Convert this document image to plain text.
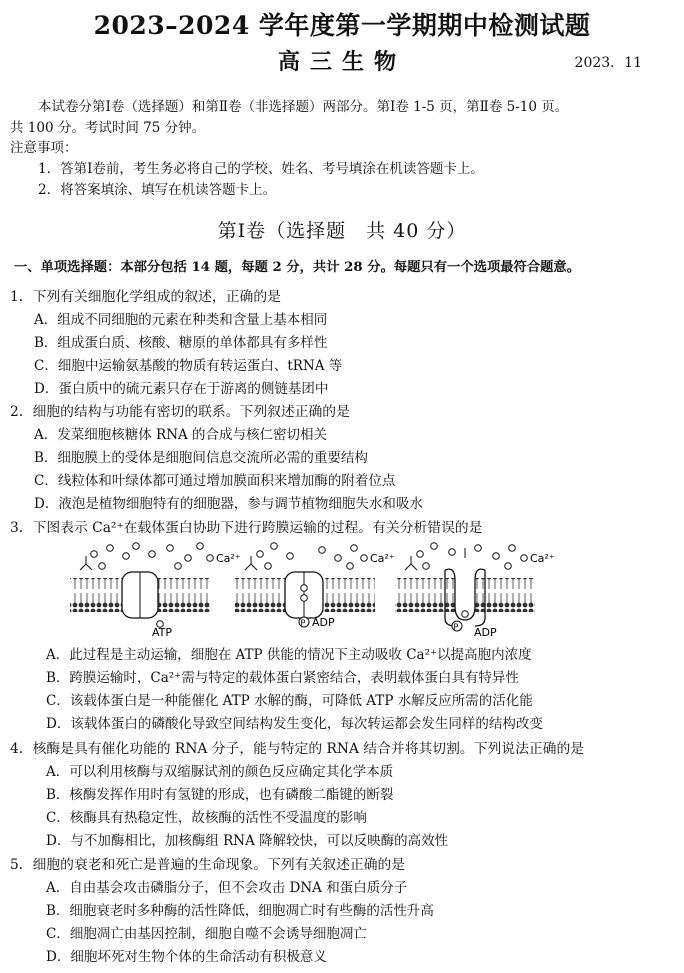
2023–2024 学年度第一学期期中检测试题
高三生物	2023．11
本试卷分第Ⅰ卷（选择题）和第Ⅱ卷（非选择题）两部分。第Ⅰ卷 1-5 页，第Ⅱ卷 5-10 页。
共 100 分。考试时间 75 分钟。
注意事项：
1．答第Ⅰ卷前，考生务必将自己的学校、姓名、考号填涂在机读答题卡上。
2．将答案填涂、填写在机读答题卡上。
第Ⅰ卷（选择题　共 40 分）
一、单项选择题：本部分包括 14 题，每题 2 分，共计 28 分。每题只有一个选项最符合题意。
1．下列有关细胞化学组成的叙述，正确的是
A．组成不同细胞的元素在种类和含量上基本相同
B．组成蛋白质、核酸、糖原的单体都具有多样性
C．细胞中运输氨基酸的物质有转运蛋白、tRNA 等
D．蛋白质中的硫元素只存在于游离的侧链基团中
2．细胞的结构与功能有密切的联系。下列叙述正确的是
A．发菜细胞核糖体 RNA 的合成与核仁密切相关
B．细胞膜上的受体是细胞间信息交流所必需的重要结构
C．线粒体和叶绿体都可通过增加膜面积来增加酶的附着位点
D．液泡是植物细胞特有的细胞器，参与调节植物细胞失水和吸水
3．下图表示 Ca²⁺在载体蛋白协助下进行跨膜运输的过程。有关分析错误的是
ATP
Ca²⁺
P ADP
Ca²⁺
P ADP
Ca²⁺
A．此过程是主动运输，细胞在 ATP 供能的情况下主动吸收 Ca²⁺以提高胞内浓度
B．跨膜运输时，Ca²⁺需与特定的载体蛋白紧密结合，表明载体蛋白具有特异性
C．该载体蛋白是一种能催化 ATP 水解的酶，可降低 ATP 水解反应所需的活化能
D．该载体蛋白的磷酸化导致空间结构发生变化，每次转运都会发生同样的结构改变
4．核酶是具有催化功能的 RNA 分子，能与特定的 RNA 结合并将其切割。下列说法正确的是
A．可以利用核酶与双缩脲试剂的颜色反应确定其化学本质
B．核酶发挥作用时有氢键的形成，也有磷酸二酯键的断裂
C．核酶具有热稳定性，故核酶的活性不受温度的影响
D．与不加酶相比，加核酶组 RNA 降解较快，可以反映酶的高效性
5．细胞的衰老和死亡是普遍的生命现象。下列有关叙述正确的是
A．自由基会攻击磷脂分子，但不会攻击 DNA 和蛋白质分子
B．细胞衰老时多种酶的活性降低，细胞凋亡时有些酶的活性升高
C．细胞凋亡由基因控制，细胞自噬不会诱导细胞凋亡
D．细胞坏死对生物个体的生命活动有积极意义
